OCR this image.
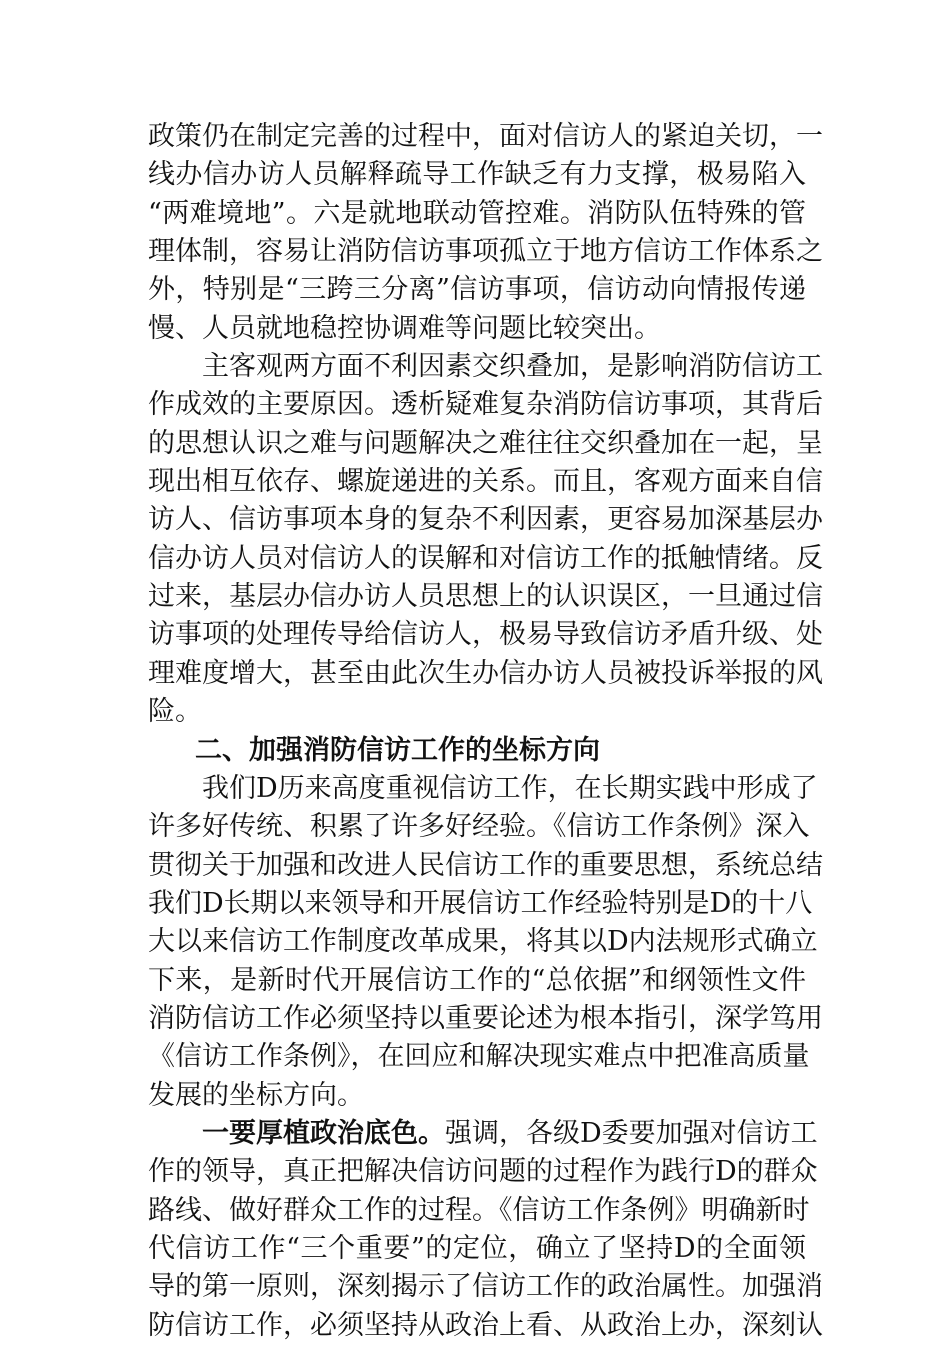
政策仍在制定完善的过程中，面对信访人的紧迫关切，一
线办信办访人员解释疏导工作缺乏有力支撑，极易陷入
“两难境地”。六是就地联动管控难。消防队伍特殊的管
理体制，容易让消防信访事项孤立于地方信访工作体系之
外，特别是“三跨三分离”信访事项，信访动向情报传递
慢、人员就地稳控协调难等问题比较突出。
主客观两方面不利因素交织叠加，是影响消防信访工
作成效的主要原因。透析疑难复杂消防信访事项，其背后
的思想认识之难与问题解决之难往往交织叠加在一起，呈
现出相互依存、螺旋递进的关系。而且，客观方面来自信
访人、信访事项本身的复杂不利因素，更容易加深基层办
信办访人员对信访人的误解和对信访工作的抵触情绪。反
过来，基层办信办访人员思想上的认识误区，一旦通过信
访事项的处理传导给信访人，极易导致信访矛盾升级、处
理难度增大，甚至由此次生办信办访人员被投诉举报的风
险。
二、加强消防信访工作的坐标方向
我们D历来高度重视信访工作，在长期实践中形成了
许多好传统、积累了许多好经验。《信访工作条例》深入
贯彻关于加强和改进人民信访工作的重要思想，系统总结
我们D长期以来领导和开展信访工作经验特别是D的十八
大以来信访工作制度改革成果，将其以D内法规形式确立
下来，是新时代开展信访工作的“总依据”和纲领性文件
消防信访工作必须坚持以重要论述为根本指引，深学笃用
《信访工作条例》，在回应和解决现实难点中把准高质量
发展的坐标方向。
一要厚植政治底色。强调，各级D委要加强对信访工
作的领导，真正把解决信访问题的过程作为践行D的群众
路线、做好群众工作的过程。《信访工作条例》明确新时
代信访工作“三个重要”的定位，确立了坚持D的全面领
导的第一原则，深刻揭示了信访工作的政治属性。加强消
防信访工作，必须坚持从政治上看、从政治上办，深刻认
